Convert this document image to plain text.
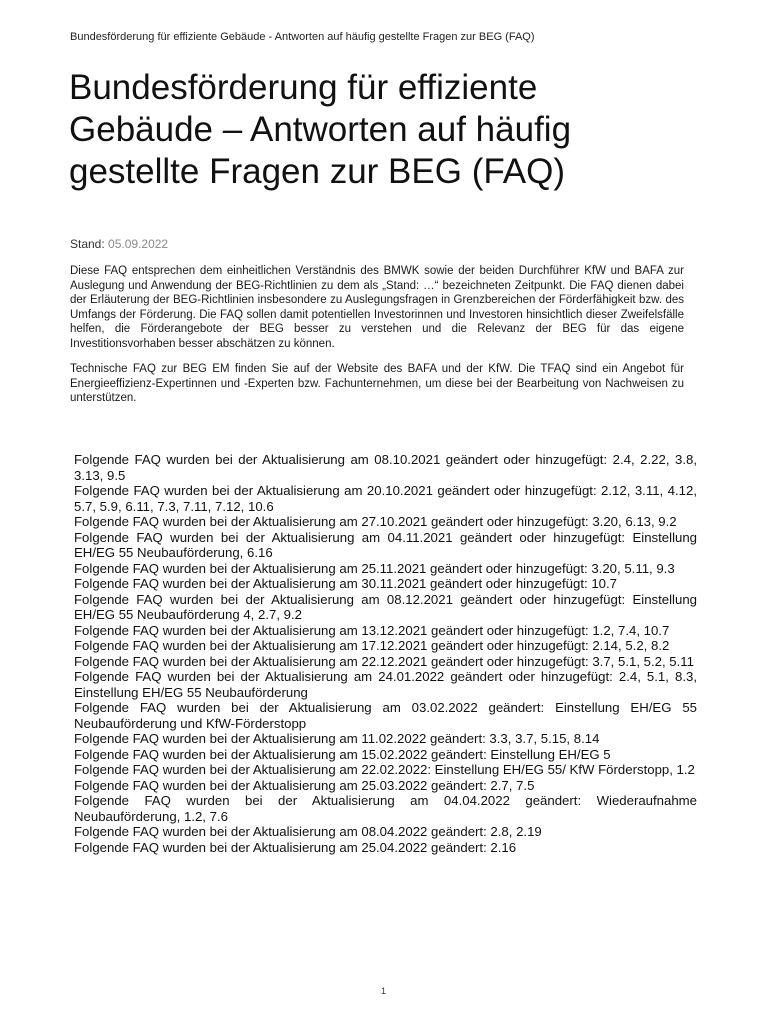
Bundesförderung für effiziente Gebäude - Antworten auf häufig gestellte Fragen zur BEG (FAQ)
Bundesförderung für effiziente
Gebäude – Antworten auf häufig
gestellte Fragen zur BEG (FAQ)
Stand: 05.09.2022

Diese FAQ entsprechen dem einheitlichen Verständnis des BMWK sowie der beiden Durchführer KfW und BAFA zur Auslegung und Anwendung der BEG-Richtlinien zu dem als „Stand: …“ bezeichneten Zeitpunkt. Die FAQ dienen dabei der Erläuterung der BEG-Richtlinien insbesondere zu Auslegungsfragen in Grenzbereichen der Förderfähigkeit bzw. des Umfangs der Förderung. Die FAQ sollen damit potentiellen Investorinnen und Investoren hinsichtlich dieser Zweifelsfälle helfen, die Förderangebote der BEG besser zu verstehen und die Relevanz der BEG für das eigene Investitionsvorhaben besser abschätzen zu können.

Technische FAQ zur BEG EM finden Sie auf der Website des BAFA und der KfW. Die TFAQ sind ein Angebot für Energieeffizienz-Expertinnen und -Experten bzw. Fachunternehmen, um diese bei der Bearbeitung von Nachweisen zu unterstützen.

Folgende FAQ wurden bei der Aktualisierung am 08.10.2021 geändert oder hinzugefügt: 2.4, 2.22, 3.8, 3.13, 9.5
Folgende FAQ wurden bei der Aktualisierung am 20.10.2021 geändert oder hinzugefügt: 2.12, 3.11, 4.12, 5.7, 5.9, 6.11, 7.3, 7.11, 7.12, 10.6
Folgende FAQ wurden bei der Aktualisierung am 27.10.2021 geändert oder hinzugefügt: 3.20, 6.13, 9.2
Folgende FAQ wurden bei der Aktualisierung am 04.11.2021 geändert oder hinzugefügt: Einstellung EH/EG 55 Neubauförderung, 6.16
Folgende FAQ wurden bei der Aktualisierung am 25.11.2021 geändert oder hinzugefügt: 3.20, 5.11, 9.3
Folgende FAQ wurden bei der Aktualisierung am 30.11.2021 geändert oder hinzugefügt: 10.7
Folgende FAQ wurden bei der Aktualisierung am 08.12.2021 geändert oder hinzugefügt: Einstellung EH/EG 55 Neubauförderung 4, 2.7, 9.2
Folgende FAQ wurden bei der Aktualisierung am 13.12.2021 geändert oder hinzugefügt: 1.2, 7.4, 10.7
Folgende FAQ wurden bei der Aktualisierung am 17.12.2021 geändert oder hinzugefügt: 2.14, 5.2, 8.2
Folgende FAQ wurden bei der Aktualisierung am 22.12.2021 geändert oder hinzugefügt: 3.7, 5.1, 5.2, 5.11
Folgende FAQ wurden bei der Aktualisierung am 24.01.2022 geändert oder hinzugefügt: 2.4, 5.1, 8.3, Einstellung EH/EG 55 Neubauförderung
Folgende FAQ wurden bei der Aktualisierung am 03.02.2022 geändert: Einstellung EH/EG 55 Neubauförderung und KfW-Förderstopp
Folgende FAQ wurden bei der Aktualisierung am 11.02.2022 geändert: 3.3, 3.7, 5.15, 8.14
Folgende FAQ wurden bei der Aktualisierung am 15.02.2022 geändert: Einstellung EH/EG 5
Folgende FAQ wurden bei der Aktualisierung am 22.02.2022: Einstellung EH/EG 55/ KfW Förderstopp, 1.2
Folgende FAQ wurden bei der Aktualisierung am 25.03.2022 geändert: 2.7, 7.5
Folgende FAQ wurden bei der Aktualisierung am 04.04.2022 geändert: Wiederaufnahme Neubauförderung, 1.2, 7.6
Folgende FAQ wurden bei der Aktualisierung am 08.04.2022 geändert: 2.8, 2.19
Folgende FAQ wurden bei der Aktualisierung am 25.04.2022 geändert: 2.16
1
